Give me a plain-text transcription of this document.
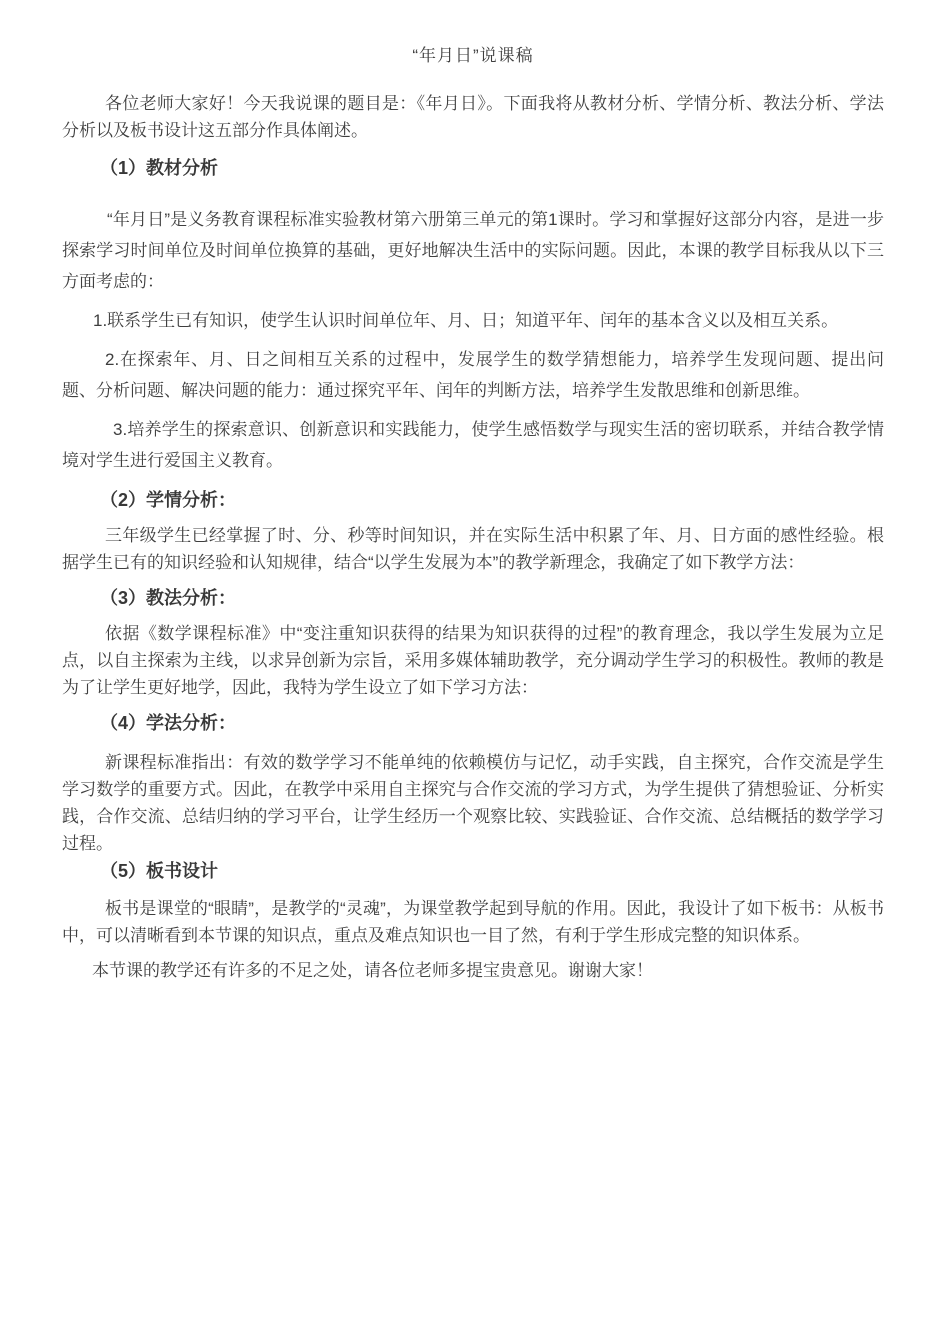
“年月日”说课稿

各位老师大家好！今天我说课的题目是：《年月日》。下面我将从教材分析、学情分析、教法分析、学法分析以及板书设计这五部分作具体阐述。

（1）教材分析

“年月日”是义务教育课程标准实验教材第六册第三单元的第1课时。学习和掌握好这部分内容，是进一步探索学习时间单位及时间单位换算的基础，更好地解决生活中的实际问题。因此，本课的教学目标我从以下三方面考虑的：

1.联系学生已有知识，使学生认识时间单位年、月、日；知道平年、闰年的基本含义以及相互关系。

2.在探索年、月、日之间相互关系的过程中，发展学生的数学猜想能力，培养学生发现问题、提出问题、分析问题、解决问题的能力：通过探究平年、闰年的判断方法，培养学生发散思维和创新思维。

3.培养学生的探索意识、创新意识和实践能力，使学生感悟数学与现实生活的密切联系，并结合教学情境对学生进行爱国主义教育。

（2）学情分析：

三年级学生已经掌握了时、分、秒等时间知识，并在实际生活中积累了年、月、日方面的感性经验。根据学生已有的知识经验和认知规律，结合“以学生发展为本”的教学新理念，我确定了如下教学方法：

（3）教法分析：

依据《数学课程标准》中“变注重知识获得的结果为知识获得的过程”的教育理念，我以学生发展为立足点，以自主探索为主线，以求异创新为宗旨，采用多媒体辅助教学，充分调动学生学习的积极性。教师的教是为了让学生更好地学，因此，我特为学生设立了如下学习方法：

（4）学法分析：

新课程标准指出：有效的数学学习不能单纯的依赖模仿与记忆，动手实践，自主探究，合作交流是学生学习数学的重要方式。因此，在教学中采用自主探究与合作交流的学习方式，为学生提供了猜想验证、分析实践，合作交流、总结归纳的学习平台，让学生经历一个观察比较、实践验证、合作交流、总结概括的数学学习过程。

（5）板书设计

板书是课堂的“眼睛”，是教学的“灵魂”，为课堂教学起到导航的作用。因此，我设计了如下板书：从板书中，可以清晰看到本节课的知识点，重点及难点知识也一目了然，有利于学生形成完整的知识体系。

本节课的教学还有许多的不足之处，请各位老师多提宝贵意见。谢谢大家！
